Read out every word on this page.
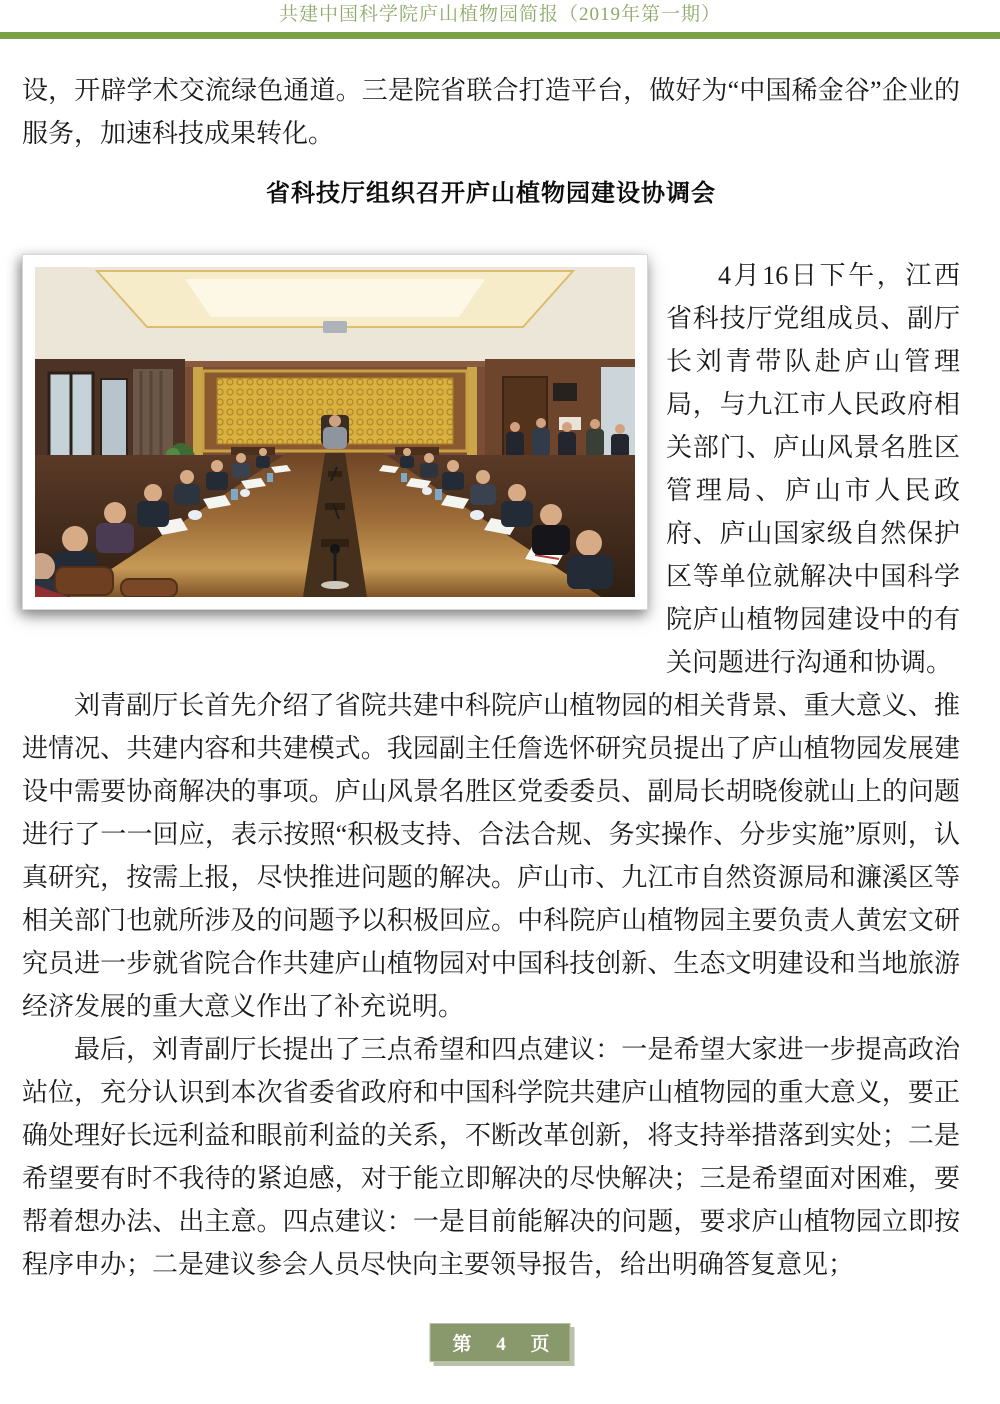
共建中国科学院庐山植物园简报（2019年第一期）

设，开辟学术交流绿色通道。三是院省联合打造平台，做好为“中国稀金谷”企业的服务，加速科技成果转化。

省科技厅组织召开庐山植物园建设协调会
4月16日下午，江西省科技厅党组成员、副厅长刘青带队赴庐山管理局，与九江市人民政府相关部门、庐山风景名胜区管理局、庐山市人民政府、庐山国家级自然保护区等单位就解决中国科学院庐山植物园建设中的有关问题进行沟通和协调。

刘青副厅长首先介绍了省院共建中科院庐山植物园的相关背景、重大意义、推进情况、共建内容和共建模式。我园副主任詹选怀研究员提出了庐山植物园发展建设中需要协商解决的事项。庐山风景名胜区党委委员、副局长胡晓俊就山上的问题进行了一一回应，表示按照“积极支持、合法合规、务实操作、分步实施”原则，认真研究，按需上报，尽快推进问题的解决。庐山市、九江市自然资源局和濂溪区等相关部门也就所涉及的问题予以积极回应。中科院庐山植物园主要负责人黄宏文研究员进一步就省院合作共建庐山植物园对中国科技创新、生态文明建设和当地旅游经济发展的重大意义作出了补充说明。

最后，刘青副厅长提出了三点希望和四点建议：一是希望大家进一步提高政治站位，充分认识到本次省委省政府和中国科学院共建庐山植物园的重大意义，要正确处理好长远利益和眼前利益的关系，不断改革创新，将支持举措落到实处；二是希望要有时不我待的紧迫感，对于能立即解决的尽快解决；三是希望面对困难，要帮着想办法、出主意。四点建议：一是目前能解决的问题，要求庐山植物园立即按程序申办；二是建议参会人员尽快向主要领导报告，给出明确答复意见；

第 4 页
